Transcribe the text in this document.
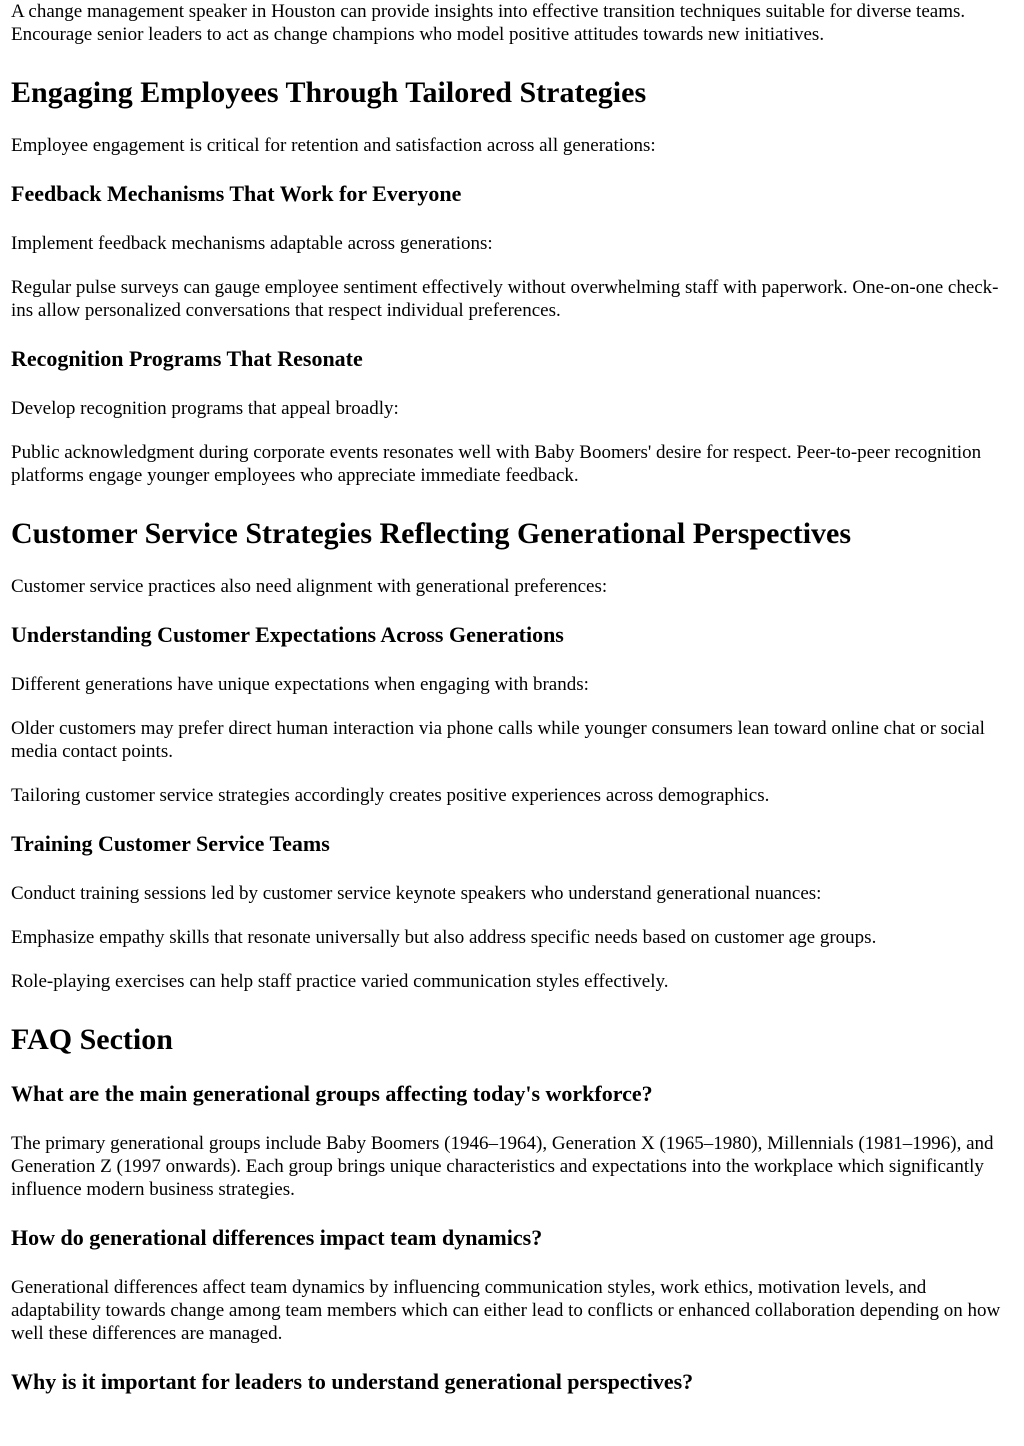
A change management speaker in Houston can provide insights into effective transition techniques suitable for diverse teams. Encourage senior leaders to act as change champions who model positive attitudes towards new initiatives.

Engaging Employees Through Tailored Strategies

Employee engagement is critical for retention and satisfaction across all generations:

Feedback Mechanisms That Work for Everyone

Implement feedback mechanisms adaptable across generations:

Regular pulse surveys can gauge employee sentiment effectively without overwhelming staff with paperwork. One-on-one check-ins allow personalized conversations that respect individual preferences.

Recognition Programs That Resonate

Develop recognition programs that appeal broadly:

Public acknowledgment during corporate events resonates well with Baby Boomers' desire for respect. Peer-to-peer recognition platforms engage younger employees who appreciate immediate feedback.

Customer Service Strategies Reflecting Generational Perspectives

Customer service practices also need alignment with generational preferences:

Understanding Customer Expectations Across Generations

Different generations have unique expectations when engaging with brands:

Older customers may prefer direct human interaction via phone calls while younger consumers lean toward online chat or social media contact points.

Tailoring customer service strategies accordingly creates positive experiences across demographics.

Training Customer Service Teams

Conduct training sessions led by customer service keynote speakers who understand generational nuances:

Emphasize empathy skills that resonate universally but also address specific needs based on customer age groups.

Role-playing exercises can help staff practice varied communication styles effectively.

FAQ Section
What are the main generational groups affecting today's workforce?

The primary generational groups include Baby Boomers (1946–1964), Generation X (1965–1980), Millennials (1981–1996), and Generation Z (1997 onwards). Each group brings unique characteristics and expectations into the workplace which significantly influence modern business strategies.

How do generational differences impact team dynamics?

Generational differences affect team dynamics by influencing communication styles, work ethics, motivation levels, and adaptability towards change among team members which can either lead to conflicts or enhanced collaboration depending on how well these differences are managed.

Why is it important for leaders to understand generational perspectives?
